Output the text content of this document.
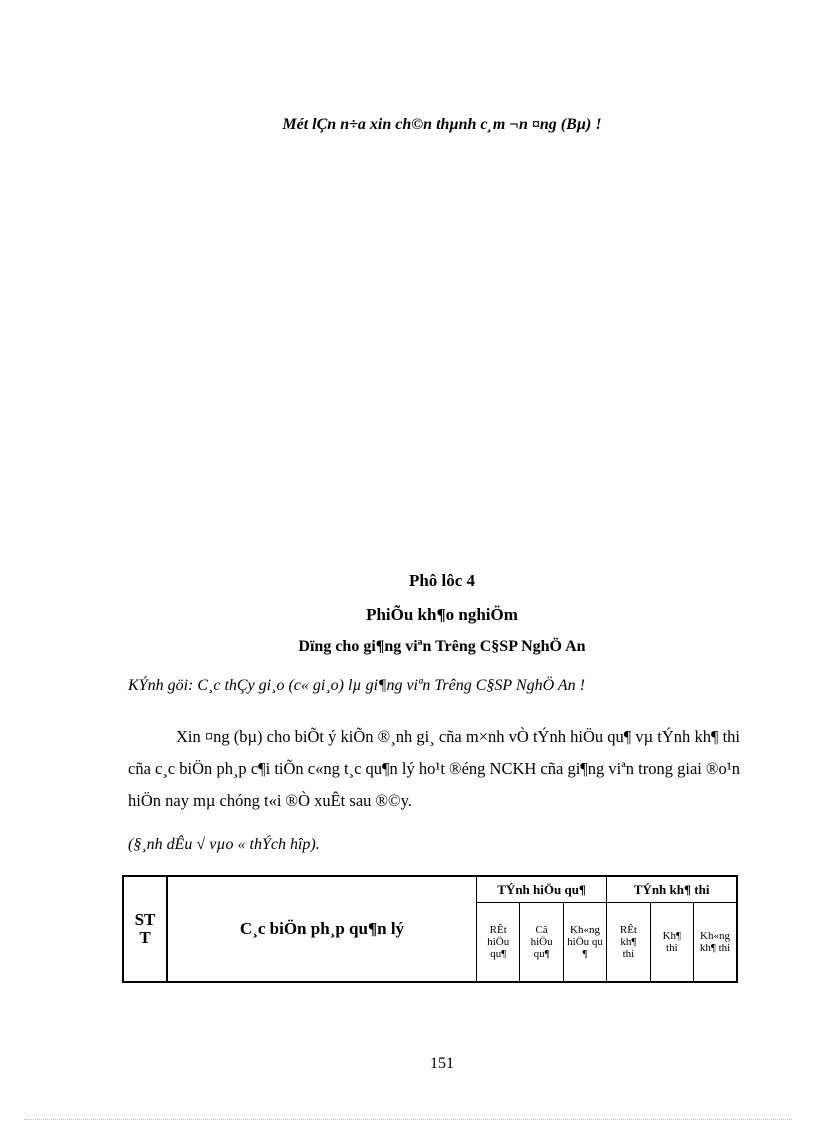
Mét lÇn n÷a xin ch©n thµnh c¸m ¬n ¤ng (Bµ) !
Phô lôc 4
PhiÕu kh¶o nghiÖm
Dïng cho gi¶ng viªn Trêng C§SP NghÖ An
KÝnh göi: C¸c thÇy gi¸o (c« gi¸o) lµ gi¶ng viªn Trêng C§SP NghÖ An !
Xin ¤ng (bµ) cho biÕt ý kiÕn ®¸nh gi¸ cña m×nh vÒ tÝnh hiÖu qu¶ vµ tÝnh kh¶ thi cña c¸c biÖn ph¸p c¶i tiÕn c«ng t¸c qu¶n lý ho¹t ®éng NCKH cña gi¶ng viªn trong giai ®o¹n hiÖn nay mµ chóng t«i ®Ò xuÊt sau ®©y.
(§¸nh dÊu √ vµo « thÝch hîp).
STT	C¸c biÖn ph¸p qu¶n lý	TÝnh hiÖu qu¶			TÝnh kh¶ thi		
		RÊt hiÖu qu¶	Cã hiÖu qu¶	Kh«ng hiÖu qu¶	RÊt kh¶ thi	Kh¶ thi	Kh«ng kh¶ thi
151
